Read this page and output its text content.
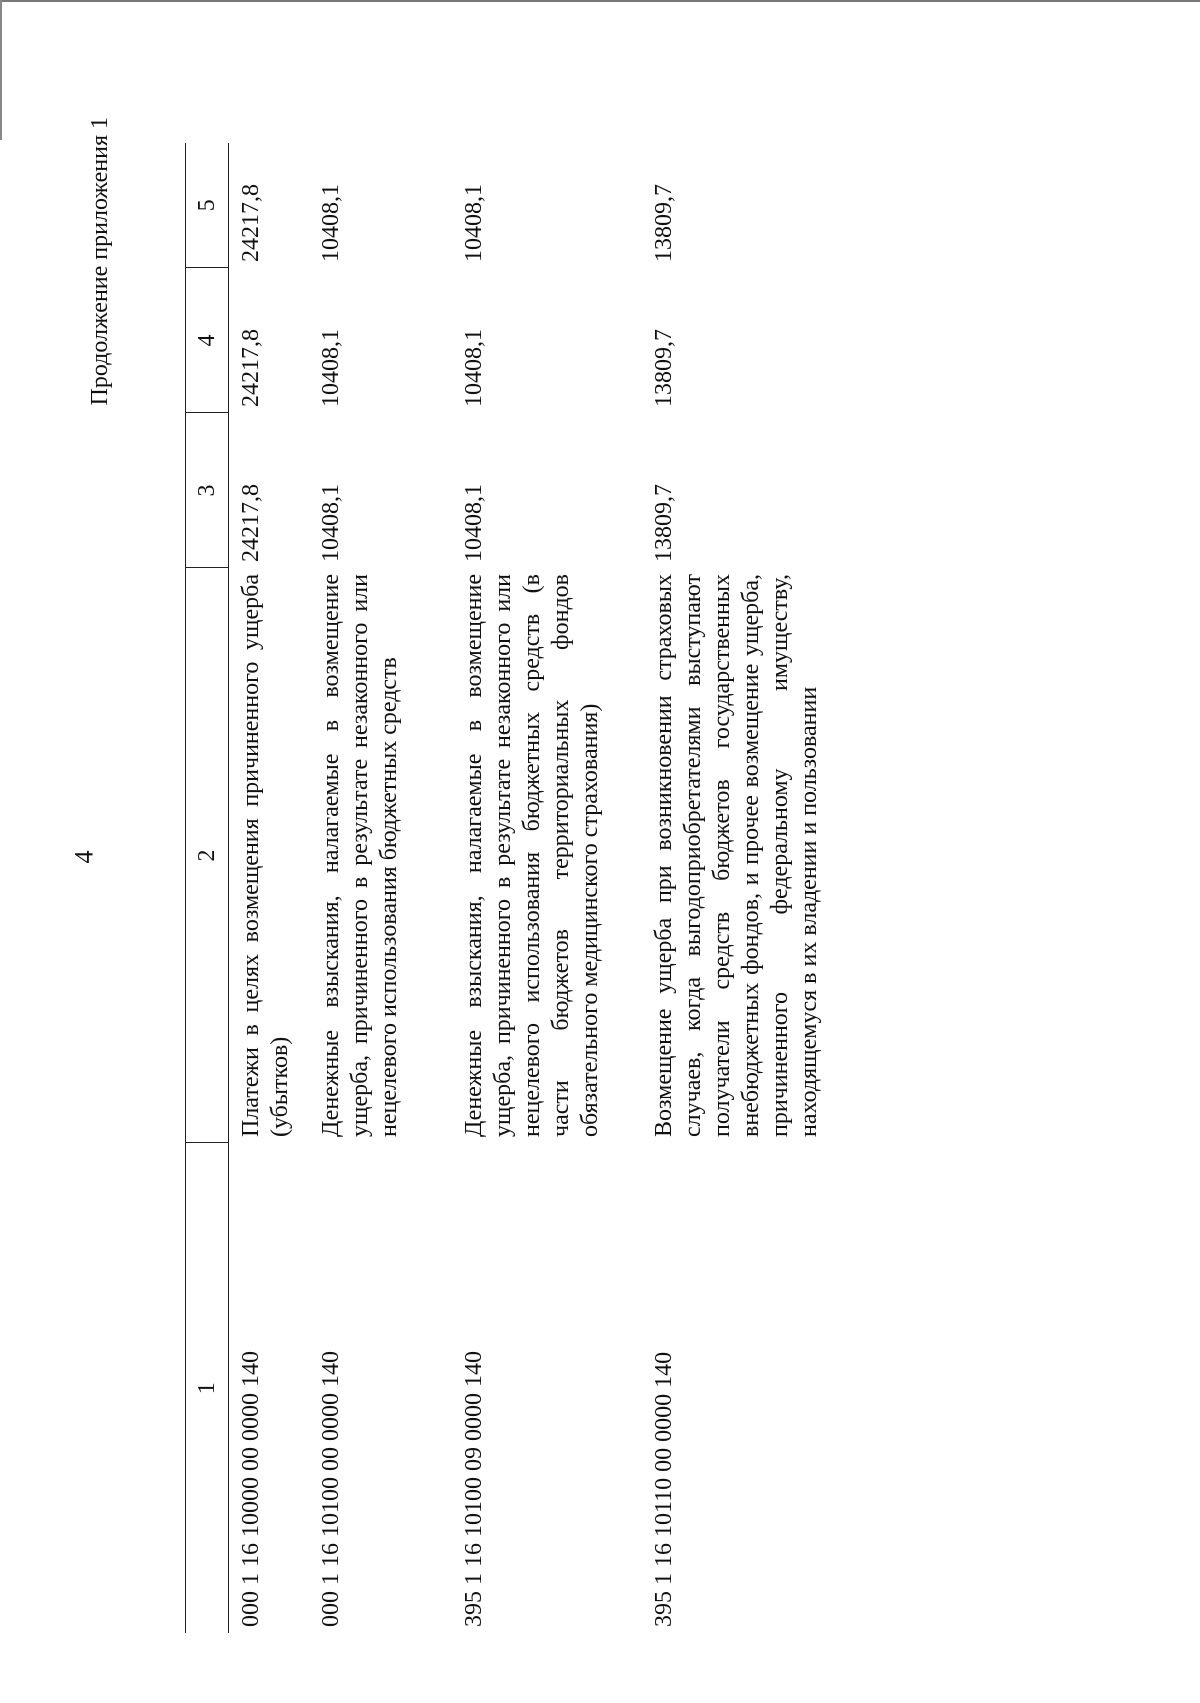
4
Продолжение приложения 1
1	2	3	4	5
000 1 16 10000 00 0000 140	Платежи в целях возмещения причиненного ущерба (убытков)	24217,8	24217,8	24217,8
000 1 16 10100 00 0000 140	Денежные взыскания, налагаемые в возмещение ущерба, причиненного в результате незаконного или нецелевого использования бюджетных средств	10408,1	10408,1	10408,1
395 1 16 10100 09 0000 140	Денежные взыскания, налагаемые в возмещение ущерба, причиненного в результате незаконного или нецелевого использования бюджетных средств (в части бюджетов территориальных фондов обязательного медицинского страхования)	10408,1	10408,1	10408,1
395 1 16 10110 00 0000 140	Возмещение ущерба при возникновении страховых случаев, когда выгодоприобретателями выступают получатели средств бюджетов государственных внебюджетных фондов, и прочее возмещение ущерба, причиненного федеральному имуществу, находящемуся в их владении и пользовании	13809,7	13809,7	13809,7
